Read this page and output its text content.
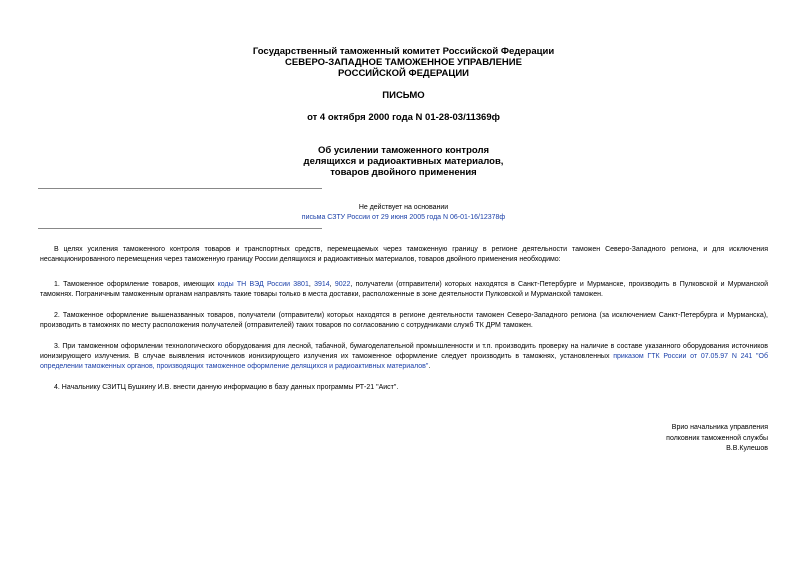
Государственный таможенный комитет Российской Федерации
СЕВЕРО-ЗАПАДНОЕ ТАМОЖЕННОЕ УПРАВЛЕНИЕ
РОССИЙСКОЙ ФЕДЕРАЦИИ
ПИСЬМО
от 4 октября 2000 года N 01-28-03/11369ф
Об усилении таможенного контроля
делящихся и радиоактивных материалов,
товаров двойного применения
Не действует на основании
письма СЗТУ России от 29 июня 2005 года N 06-01-16/12378ф

В целях усиления таможенного контроля товаров и транспортных средств, перемещаемых через таможенную границу в регионе деятельности таможен Северо-Западного региона, и для исключения несанкционированного перемещения через таможенную границу России делящихся и радиоактивных материалов, товаров двойного применения необходимо:

1. Таможенное оформление товаров, имеющих коды ТН ВЭД России 3801, 3914, 9022, получатели (отправители) которых находятся в Санкт-Петербурге и Мурманске, производить в Пулковской и Мурманской таможнях. Пограничным таможенным органам направлять такие товары только в места доставки, расположенные в зоне деятельности Пулковской и Мурманской таможен.

2. Таможенное оформление вышеназванных товаров, получатели (отправители) которых находятся в регионе деятельности таможен Северо-Западного региона (за исключением Санкт-Петербурга и Мурманска), производить в таможнях по месту расположения получателей (отправителей) таких товаров по согласованию с сотрудниками служб ТК ДРМ таможен.

3. При таможенном оформлении технологического оборудования для лесной, табачной, бумагоделательной промышленности и т.п. производить проверку на наличие в составе указанного оборудования источников ионизирующего излучения. В случае выявления источников ионизирующего излучения их таможенное оформление следует производить в таможнях, установленных приказом ГТК России от 07.05.97 N 241 "Об определении таможенных органов, производящих таможенное оформление делящихся и радиоактивных материалов".

4. Начальнику СЗИТЦ Бушкину И.В. внести данную информацию в базу данных программы РТ-21 "Аист".

Врио начальника управления
полковник таможенной службы
В.В.Кулешов
